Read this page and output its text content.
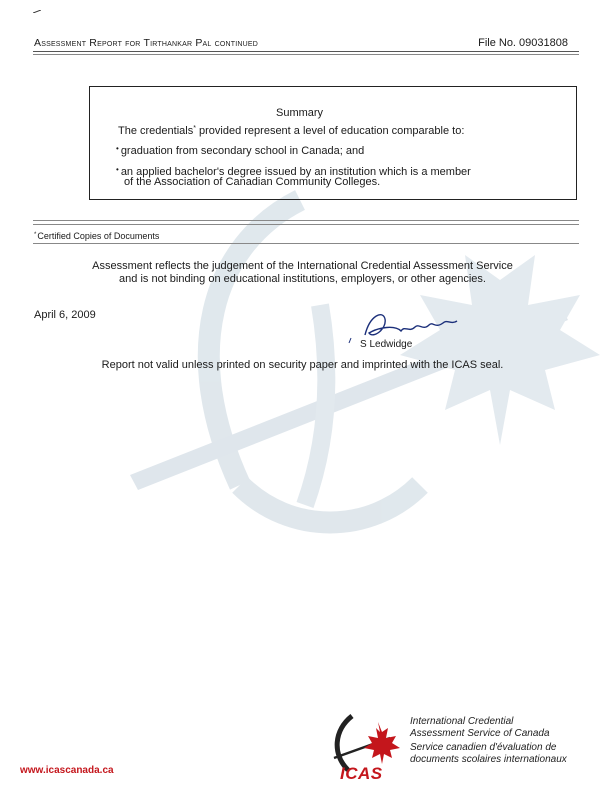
Assessment Report for Tirthankar Pal continued	File No. 09031808
Summary
The credentials* provided represent a level of education comparable to:
• graduation from secondary school in Canada; and
• an applied bachelor's degree issued by an institution which is a member
of the Association of Canadian Community Colleges.
*Certified Copies of Documents
Assessment reflects the judgement of the International Credential Assessment Service
and is not binding on educational institutions, employers, or other agencies.
April 6, 2009
S Ledwidge
Report not valid unless printed on security paper and imprinted with the ICAS seal.
ICAS
International Credential
Assessment Service of Canada
Service canadien d'évaluation de
documents scolaires internationaux
www.icascanada.ca
